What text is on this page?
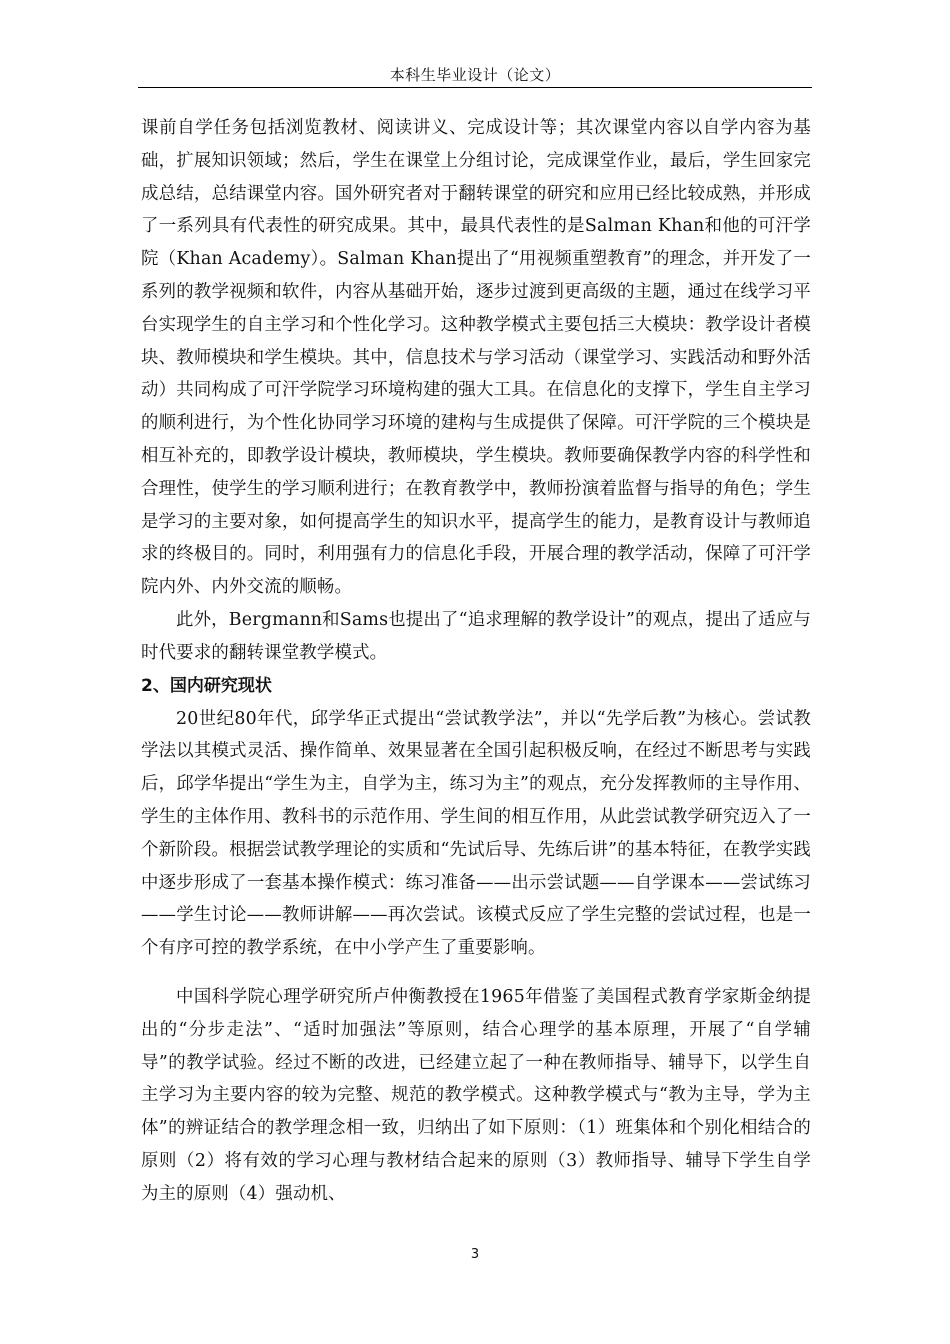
本科生毕业设计（论文）

课前自学任务包括浏览教材、阅读讲义、完成设计等；其次课堂内容以自学内容为基础，扩展知识领域；然后，学生在课堂上分组讨论，完成课堂作业，最后，学生回家完成总结，总结课堂内容。国外研究者对于翻转课堂的研究和应用已经比较成熟，并形成了一系列具有代表性的研究成果。其中，最具代表性的是Salman Khan和他的可汗学院（Khan Academy）。Salman Khan提出了“用视频重塑教育”的理念，并开发了一系列的教学视频和软件，内容从基础开始，逐步过渡到更高级的主题，通过在线学习平台实现学生的自主学习和个性化学习。这种教学模式主要包括三大模块：教学设计者模块、教师模块和学生模块。其中，信息技术与学习活动（课堂学习、实践活动和野外活动）共同构成了可汗学院学习环境构建的强大工具。在信息化的支撑下，学生自主学习的顺利进行，为个性化协同学习环境的建构与生成提供了保障。可汗学院的三个模块是相互补充的，即教学设计模块，教师模块，学生模块。教师要确保教学内容的科学性和合理性，使学生的学习顺利进行；在教育教学中，教师扮演着监督与指导的角色；学生是学习的主要对象，如何提高学生的知识水平，提高学生的能力，是教育设计与教师追求的终极目的。同时，利用强有力的信息化手段，开展合理的教学活动，保障了可汗学院内外、内外交流的顺畅。

此外，Bergmann和Sams也提出了“追求理解的教学设计”的观点，提出了适应与时代要求的翻转课堂教学模式。

2、国内研究现状

20世纪80年代，邱学华正式提出“尝试教学法”，并以“先学后教”为核心。尝试教学法以其模式灵活、操作简单、效果显著在全国引起积极反响，在经过不断思考与实践后，邱学华提出“学生为主，自学为主，练习为主”的观点，充分发挥教师的主导作用、学生的主体作用、教科书的示范作用、学生间的相互作用，从此尝试教学研究迈入了一个新阶段。根据尝试教学理论的实质和“先试后导、先练后讲”的基本特征，在教学实践中逐步形成了一套基本操作模式：练习准备——出示尝试题——自学课本——尝试练习——学生讨论——教师讲解——再次尝试。该模式反应了学生完整的尝试过程，也是一个有序可控的教学系统，在中小学产生了重要影响。

中国科学院心理学研究所卢仲衡教授在1965年借鉴了美国程式教育学家斯金纳提出的“分步走法”、“适时加强法”等原则，结合心理学的基本原理，开展了“自学辅导”的教学试验。经过不断的改进，已经建立起了一种在教师指导、辅导下，以学生自主学习为主要内容的较为完整、规范的教学模式。这种教学模式与“教为主导，学为主体”的辨证结合的教学理念相一致，归纳出了如下原则：（1）班集体和个别化相结合的原则（2）将有效的学习心理与教材结合起来的原则（3）教师指导、辅导下学生自学为主的原则（4）强动机、

3
